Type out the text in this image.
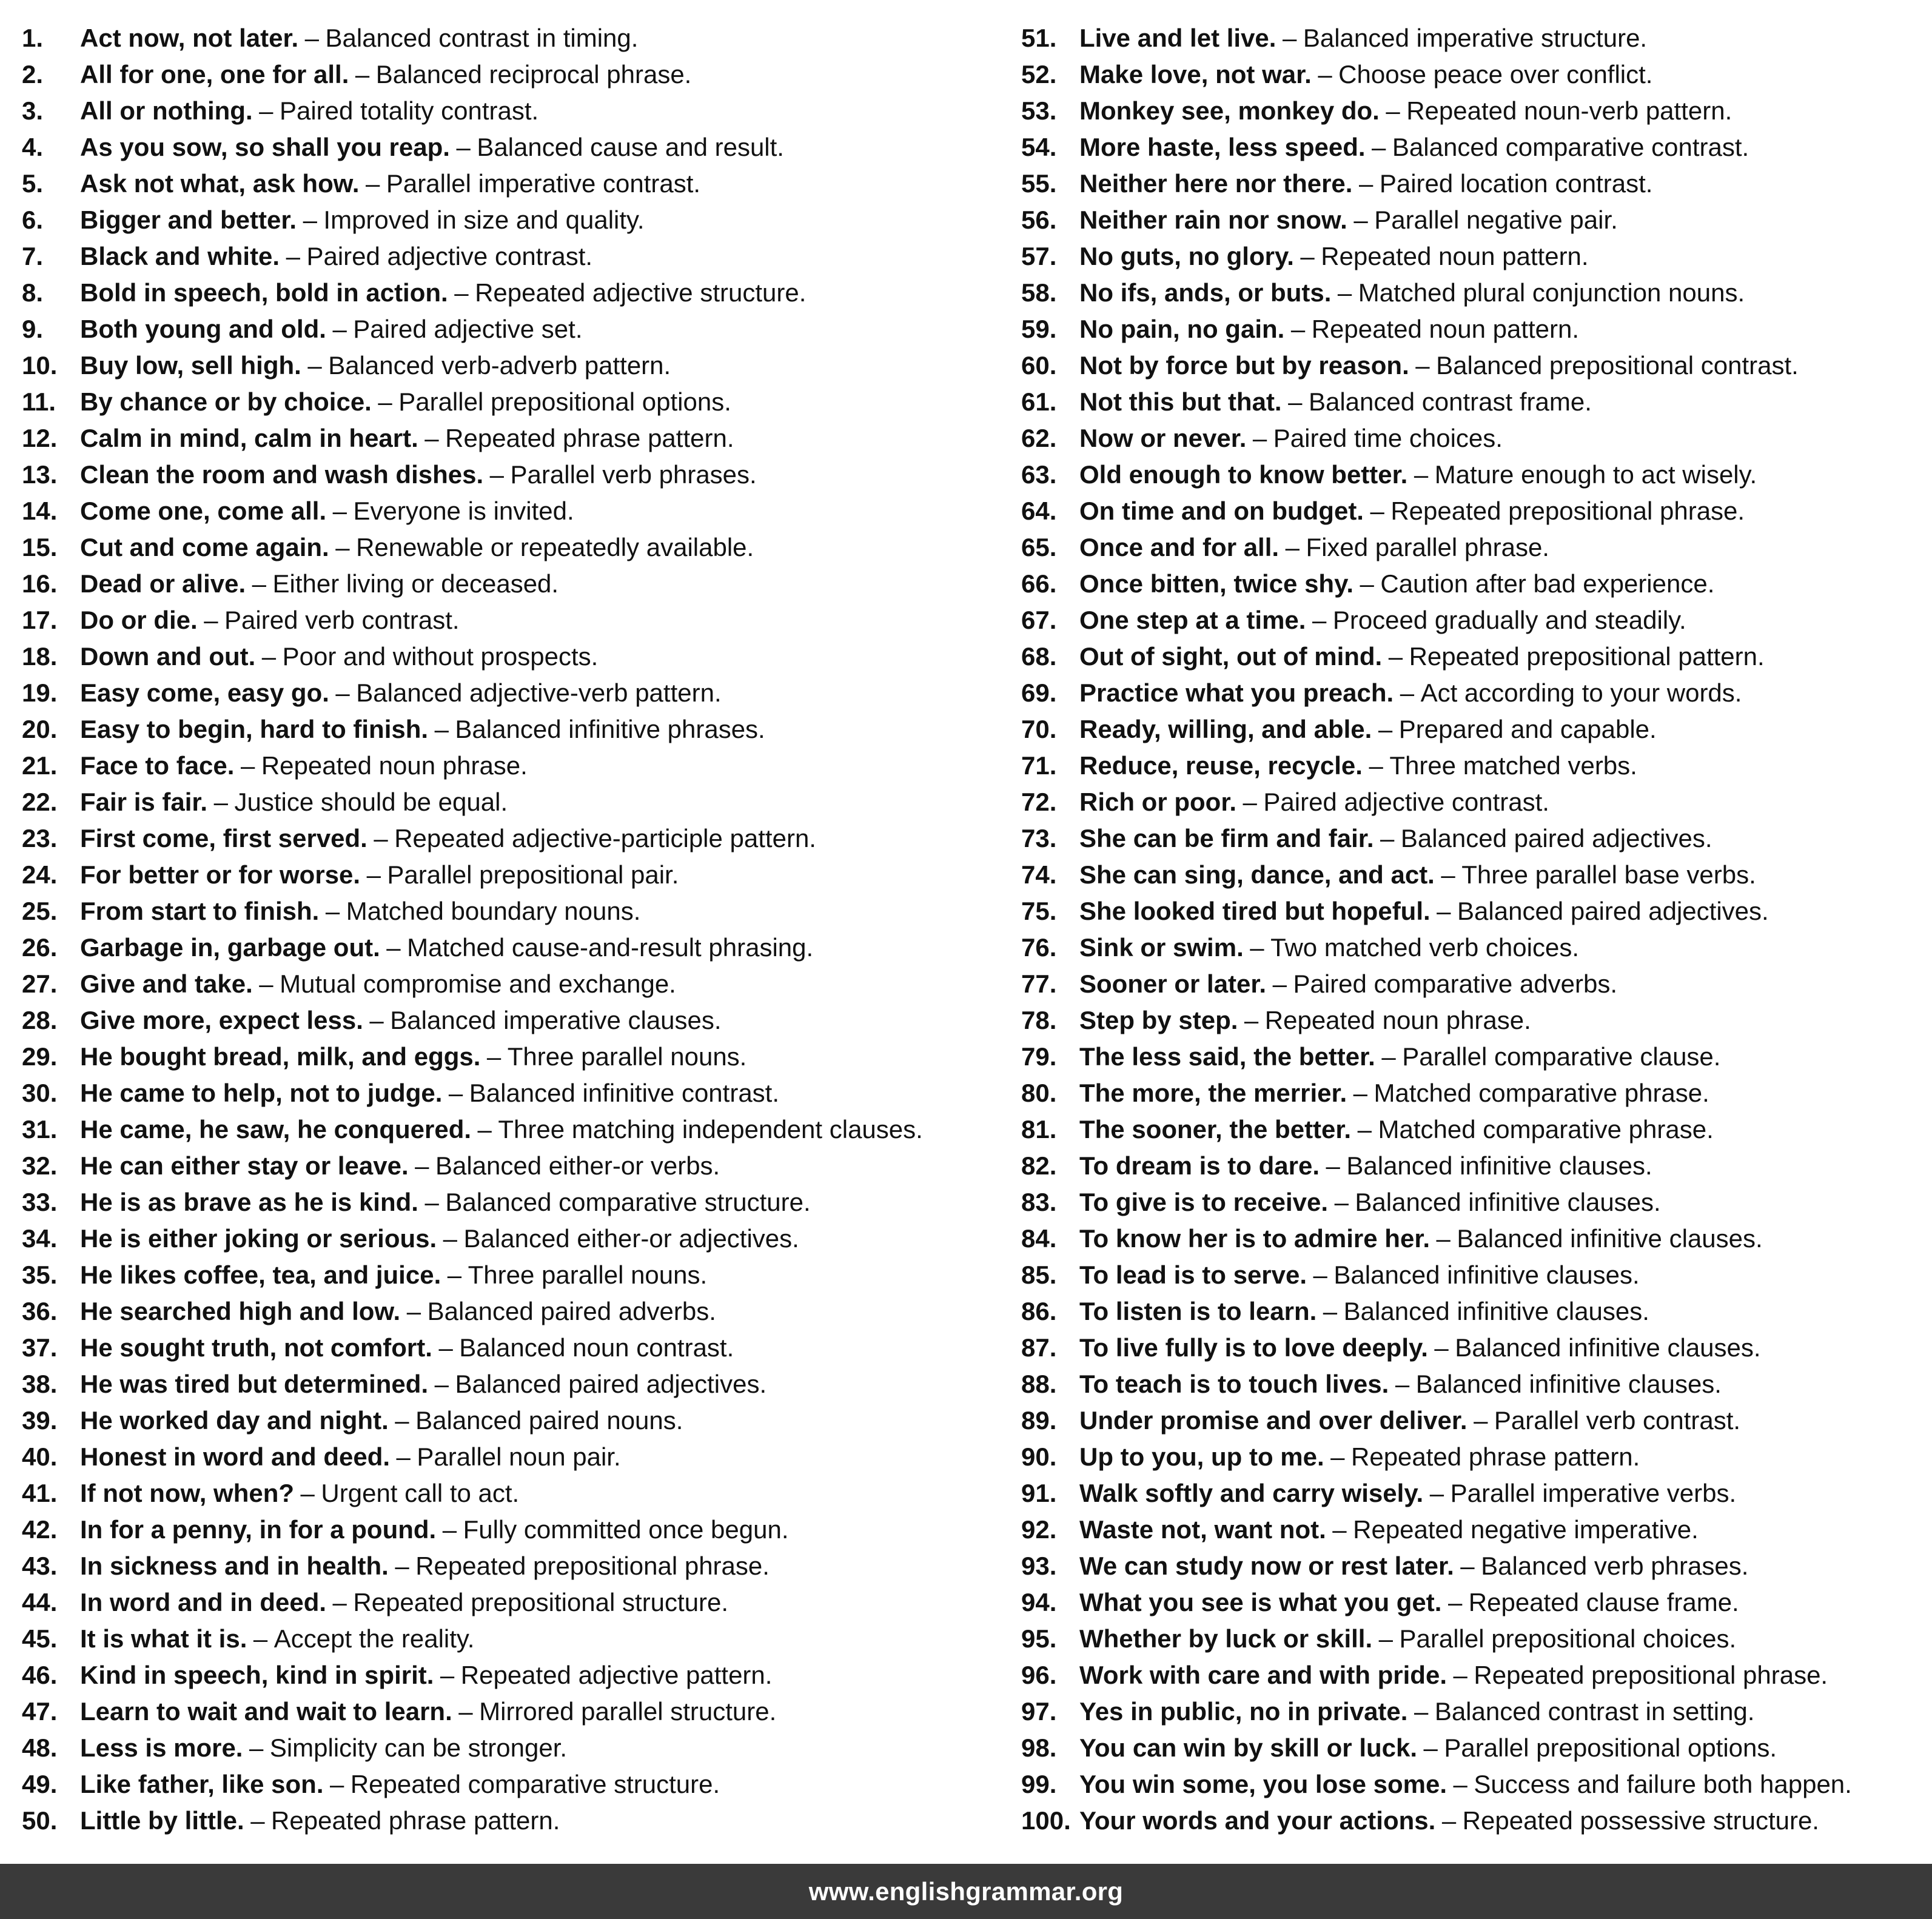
1.	Act now, not later. – Balanced contrast in timing.
2.	All for one, one for all. – Balanced reciprocal phrase.
3.	All or nothing. – Paired totality contrast.
4.	As you sow, so shall you reap. – Balanced cause and result.
5.	Ask not what, ask how. – Parallel imperative contrast.
6.	Bigger and better. – Improved in size and quality.
7.	Black and white. – Paired adjective contrast.
8.	Bold in speech, bold in action. – Repeated adjective structure.
9.	Both young and old. – Paired adjective set.
10. Buy low, sell high. – Balanced verb-adverb pattern.
11. By chance or by choice. – Parallel prepositional options.
12. Calm in mind, calm in heart. – Repeated phrase pattern.
13. Clean the room and wash dishes. – Parallel verb phrases.
14. Come one, come all. – Everyone is invited.
15. Cut and come again. – Renewable or repeatedly available.
16. Dead or alive. – Either living or deceased.
17. Do or die. – Paired verb contrast.
18. Down and out. – Poor and without prospects.
19. Easy come, easy go. – Balanced adjective-verb pattern.
20. Easy to begin, hard to finish. – Balanced infinitive phrases.
21. Face to face. – Repeated noun phrase.
22. Fair is fair. – Justice should be equal.
23. First come, first served. – Repeated adjective-participle pattern.
24. For better or for worse. – Parallel prepositional pair.
25. From start to finish. – Matched boundary nouns.
26. Garbage in, garbage out. – Matched cause-and-result phrasing.
27. Give and take. – Mutual compromise and exchange.
28. Give more, expect less. – Balanced imperative clauses.
29. He bought bread, milk, and eggs. – Three parallel nouns.
30. He came to help, not to judge. – Balanced infinitive contrast.
31. He came, he saw, he conquered. – Three matching independent clauses.
32. He can either stay or leave. – Balanced either-or verbs.
33. He is as brave as he is kind. – Balanced comparative structure.
34. He is either joking or serious. – Balanced either-or adjectives.
35. He likes coffee, tea, and juice. – Three parallel nouns.
36. He searched high and low. – Balanced paired adverbs.
37. He sought truth, not comfort. – Balanced noun contrast.
38. He was tired but determined. – Balanced paired adjectives.
39. He worked day and night. – Balanced paired nouns.
40. Honest in word and deed. – Parallel noun pair.
41. If not now, when? – Urgent call to act.
42. In for a penny, in for a pound. – Fully committed once begun.
43. In sickness and in health. – Repeated prepositional phrase.
44. In word and in deed. – Repeated prepositional structure.
45. It is what it is. – Accept the reality.
46. Kind in speech, kind in spirit. – Repeated adjective pattern.
47. Learn to wait and wait to learn. – Mirrored parallel structure.
48. Less is more. – Simplicity can be stronger.
49. Like father, like son. – Repeated comparative structure.
50. Little by little. – Repeated phrase pattern.
51. Live and let live. – Balanced imperative structure.
52. Make love, not war. – Choose peace over conflict.
53. Monkey see, monkey do. – Repeated noun-verb pattern.
54. More haste, less speed. – Balanced comparative contrast.
55. Neither here nor there. – Paired location contrast.
56. Neither rain nor snow. – Parallel negative pair.
57. No guts, no glory. – Repeated noun pattern.
58. No ifs, ands, or buts. – Matched plural conjunction nouns.
59. No pain, no gain. – Repeated noun pattern.
60. Not by force but by reason. – Balanced prepositional contrast.
61. Not this but that. – Balanced contrast frame.
62. Now or never. – Paired time choices.
63. Old enough to know better. – Mature enough to act wisely.
64. On time and on budget. – Repeated prepositional phrase.
65. Once and for all. – Fixed parallel phrase.
66. Once bitten, twice shy. – Caution after bad experience.
67. One step at a time. – Proceed gradually and steadily.
68. Out of sight, out of mind. – Repeated prepositional pattern.
69. Practice what you preach. – Act according to your words.
70. Ready, willing, and able. – Prepared and capable.
71. Reduce, reuse, recycle. – Three matched verbs.
72. Rich or poor. – Paired adjective contrast.
73. She can be firm and fair. – Balanced paired adjectives.
74. She can sing, dance, and act. – Three parallel base verbs.
75. She looked tired but hopeful. – Balanced paired adjectives.
76. Sink or swim. – Two matched verb choices.
77. Sooner or later. – Paired comparative adverbs.
78. Step by step. – Repeated noun phrase.
79. The less said, the better. – Parallel comparative clause.
80. The more, the merrier. – Matched comparative phrase.
81. The sooner, the better. – Matched comparative phrase.
82. To dream is to dare. – Balanced infinitive clauses.
83. To give is to receive. – Balanced infinitive clauses.
84. To know her is to admire her. – Balanced infinitive clauses.
85. To lead is to serve. – Balanced infinitive clauses.
86. To listen is to learn. – Balanced infinitive clauses.
87. To live fully is to love deeply. – Balanced infinitive clauses.
88. To teach is to touch lives. – Balanced infinitive clauses.
89. Under promise and over deliver. – Parallel verb contrast.
90. Up to you, up to me. – Repeated phrase pattern.
91. Walk softly and carry wisely. – Parallel imperative verbs.
92. Waste not, want not. – Repeated negative imperative.
93. We can study now or rest later. – Balanced verb phrases.
94. What you see is what you get. – Repeated clause frame.
95. Whether by luck or skill. – Parallel prepositional choices.
96. Work with care and with pride. – Repeated prepositional phrase.
97. Yes in public, no in private. – Balanced contrast in setting.
98. You can win by skill or luck. – Parallel prepositional options.
99. You win some, you lose some. – Success and failure both happen.
100. Your words and your actions. – Repeated possessive structure.
www.englishgrammar.org
